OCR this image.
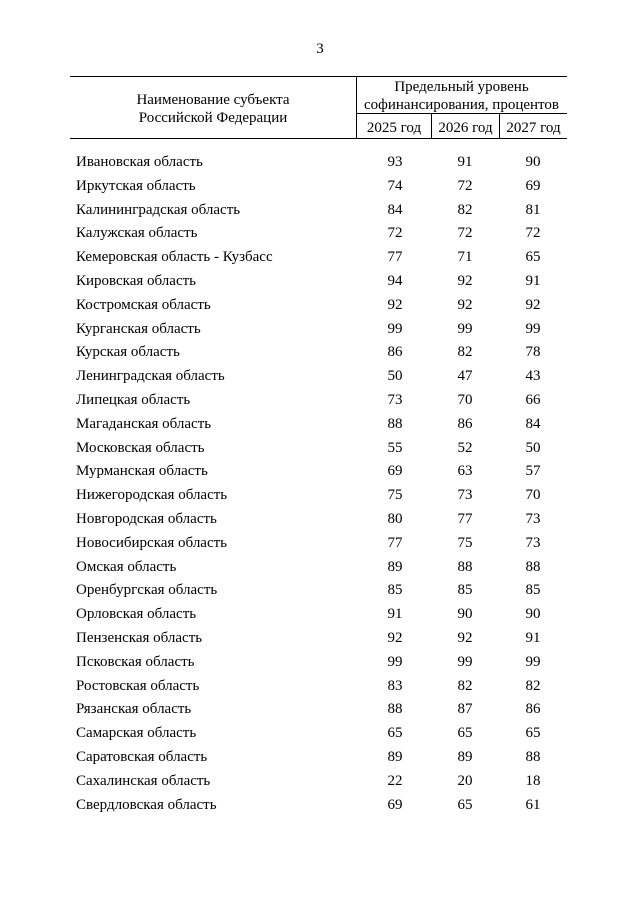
3
Наименование субъекта
Российской Федерации
Предельный уровень
софинансирования, процентов
2025 год	2026 год 2027 год
Ивановская область	93	91	90
Иркутская область	74	72	69
Калининградская область	84	82	81
Калужская область	72	72	72
Кемеровская область - Кузбасс	77	71	65
Кировская область	94	92	91
Костромская область	92	92	92
Курганская область	99	99	99
Курская область	86	82	78
Ленинградская область	50	47	43
Липецкая область	73	70	66
Магаданская область	88	86	84
Московская область	55	52	50
Мурманская область	69	63	57
Нижегородская область	75	73	70
Новгородская область	80	77	73
Новосибирская область	77	75	73
Омская область	89	88	88
Оренбургская область	85	85	85
Орловская область	91	90	90
Пензенская область	92	92	91
Псковская область	99	99	99
Ростовская область	83	82	82
Рязанская область	88	87	86
Самарская область	65	65	65
Саратовская область	89	89	88
Сахалинская область	22	20	18
Свердловская область	69	65	61
